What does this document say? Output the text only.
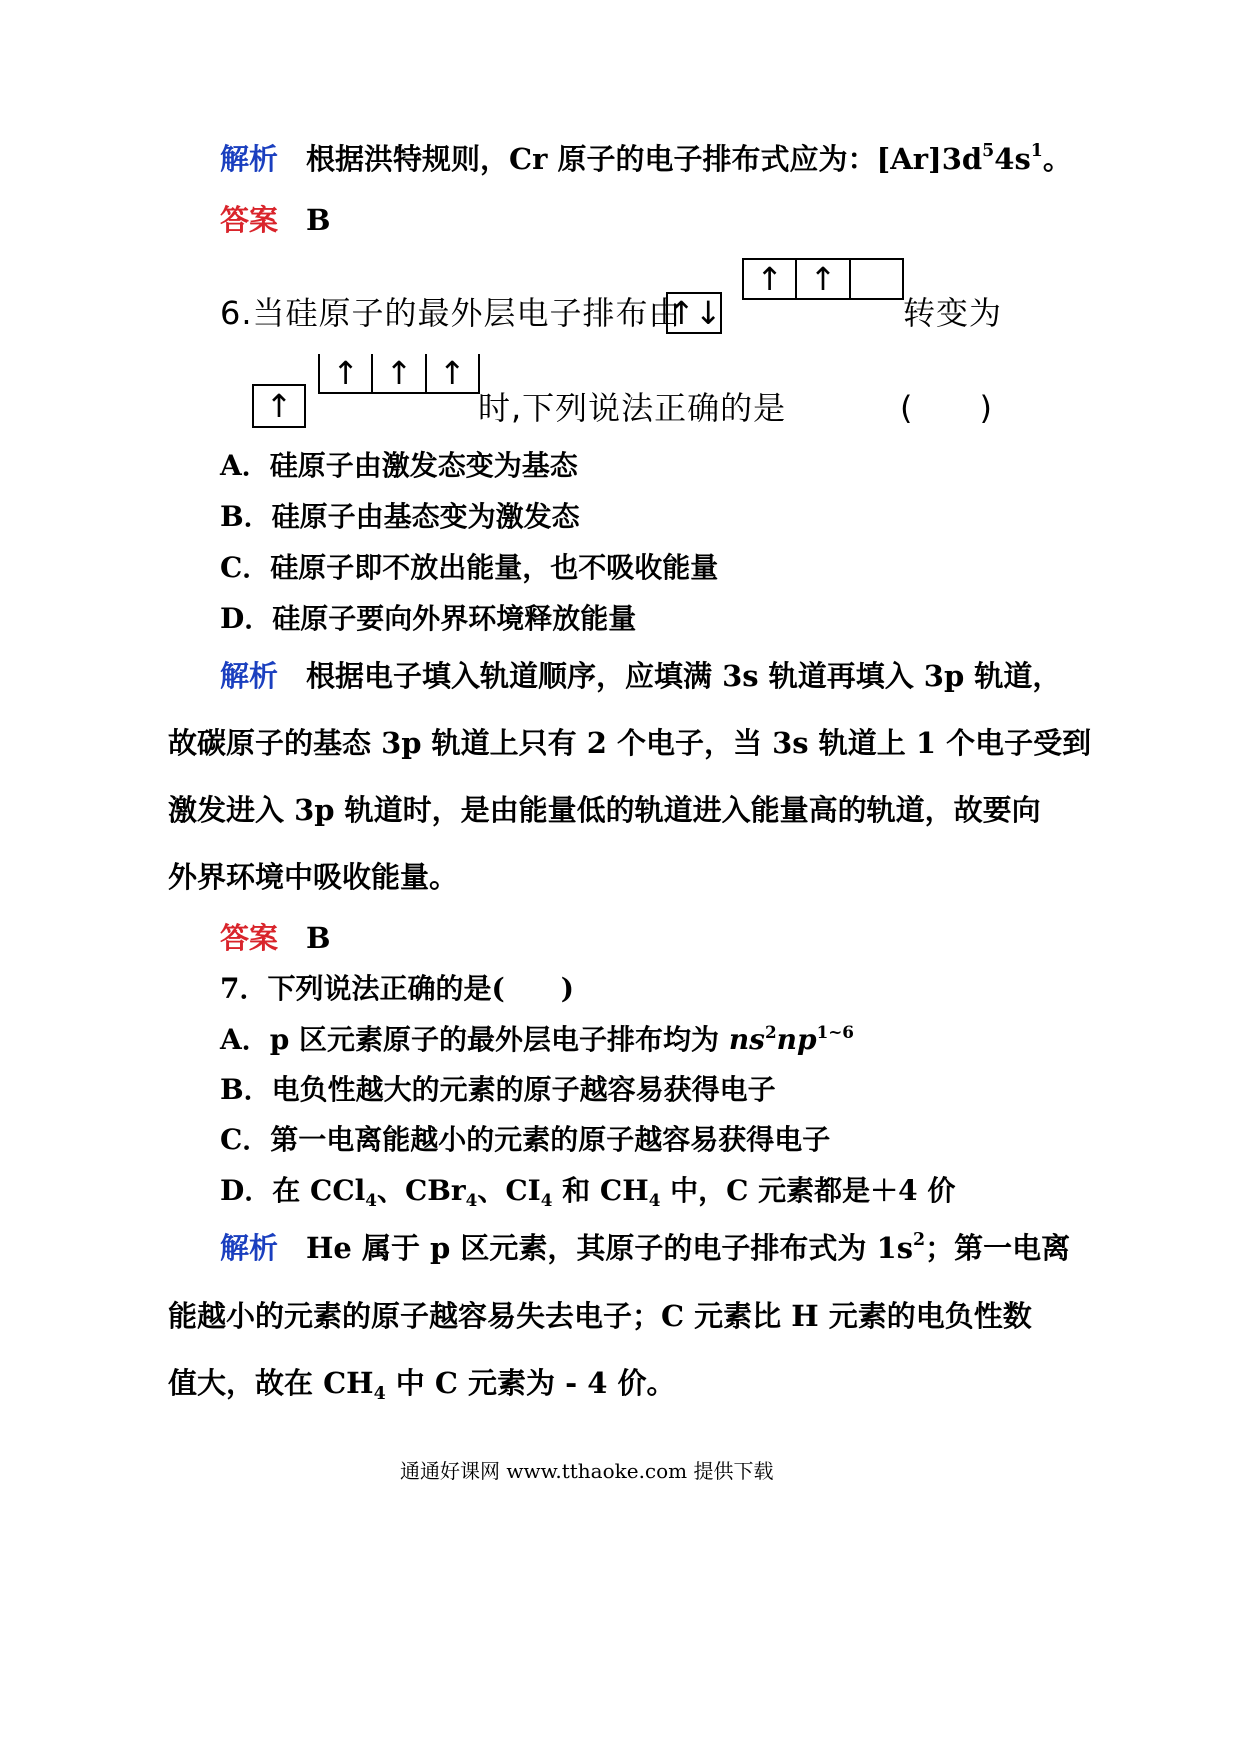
解析 根据洪特规则，Cr 原子的电子排布式应为：$[Ar]3d^54s^1$。
答案 B
6.当硅原子的最外层电子排布由
↑↓
↑ ↑
转变为
↑
↑ ↑ ↑
时,下列说法正确的是	(　　)
A．硅原子由激发态变为基态
B．硅原子由基态变为激发态
C．硅原子即不放出能量，也不吸收能量
D．硅原子要向外界环境释放能量
解析 根据电子填入轨道顺序，应填满 3s 轨道再填入 3p 轨道，
故碳原子的基态 3p 轨道上只有 2 个电子，当 3s 轨道上 1 个电子受到
激发进入 3p 轨道时，是由能量低的轨道进入能量高的轨道，故要向
外界环境中吸收能量。
答案 B
7．下列说法正确的是(　　)
A．p 区元素原子的最外层电子排布均为 $ns^2np^{1\sim 6}$
B．电负性越大的元素的原子越容易获得电子
C．第一电离能越小的元素的原子越容易获得电子
D．在 CCl$_4$、CBr$_4$、$CI_4$ 和 $CH_4$ 中，C 元素都是＋4 价
解析 He 属于 p 区元素，其原子的电子排布式为 $1s^2$；第一电离
能越小的元素的原子越容易失去电子；C 元素比 H 元素的电负性数
值大，故在 $CH_4$ 中 C 元素为 - 4 价。
通通好课网 www.tthaoke.com 提供下载
